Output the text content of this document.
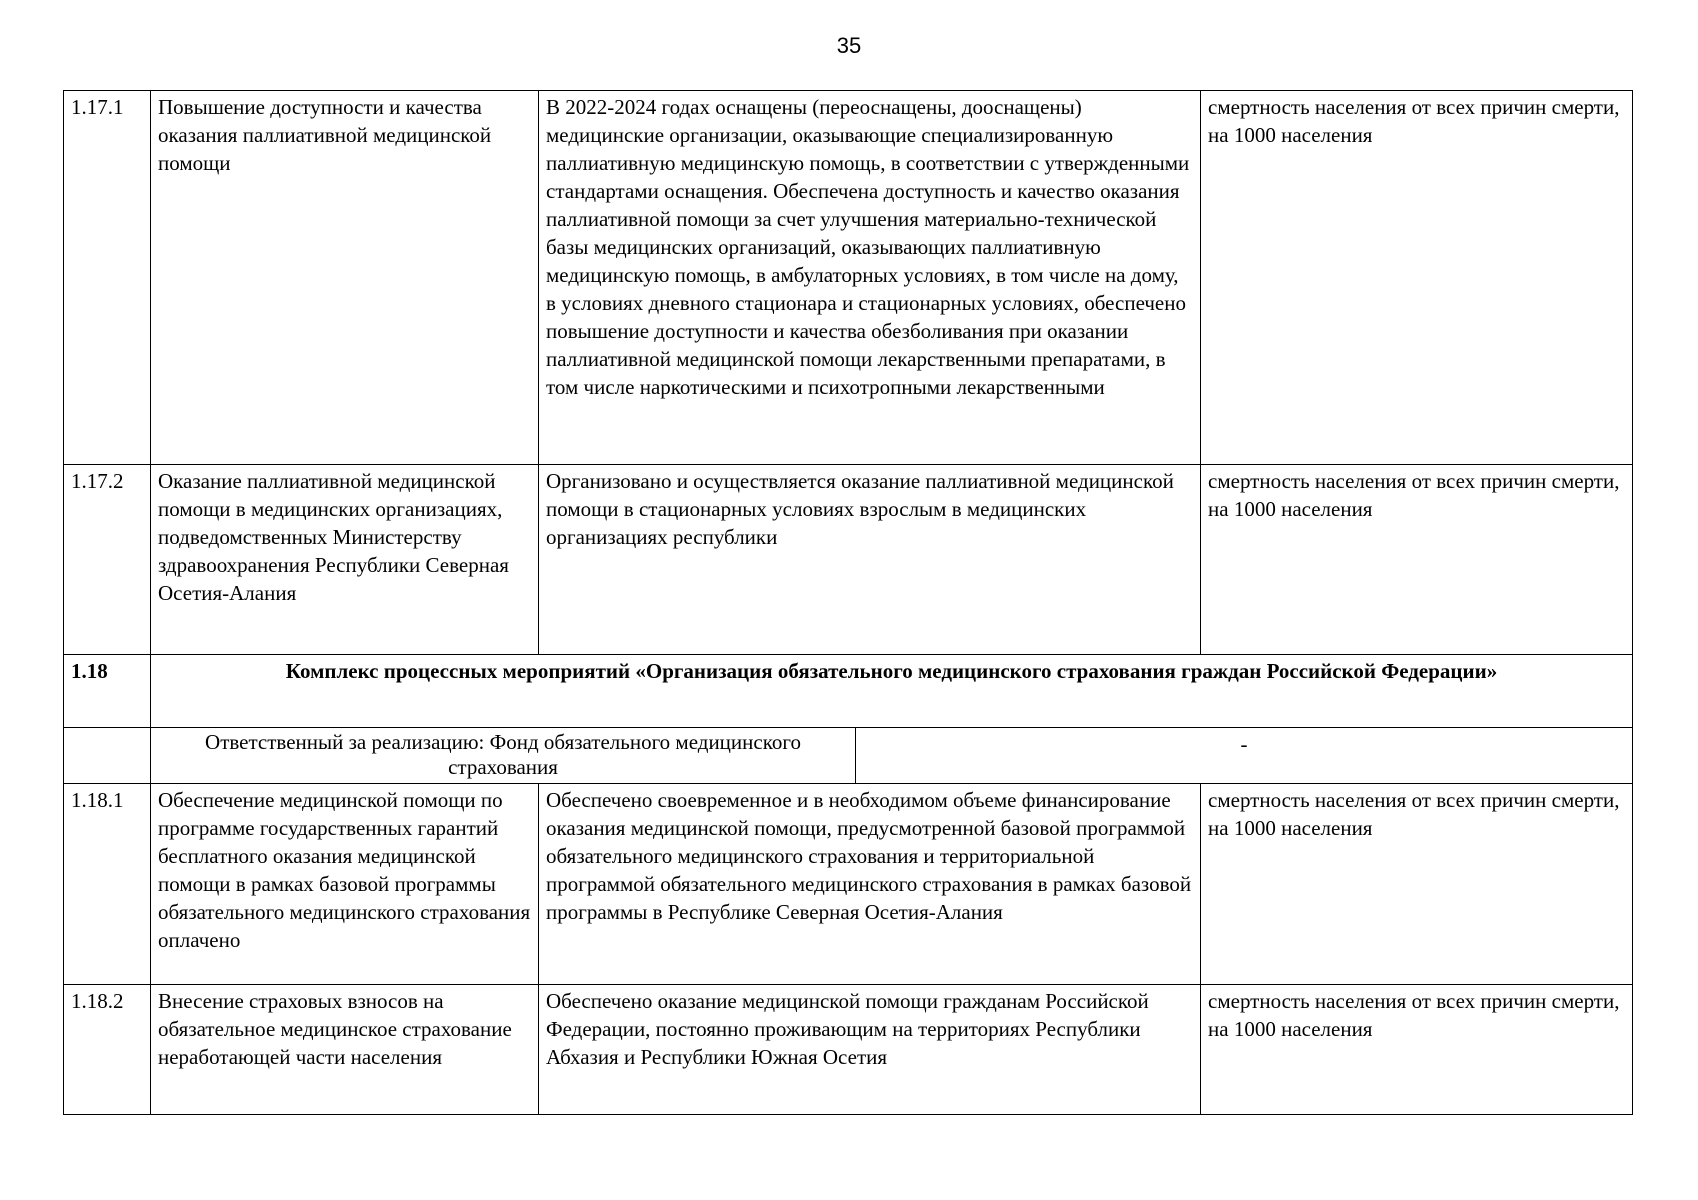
35
1.17.1	Повышение доступности и качества оказания паллиативной медицинской помощи	В 2022-2024 годах оснащены (переоснащены, дооснащены) медицинские организации, оказывающие специализированную паллиативную медицинскую помощь, в соответствии с утвержденными стандартами оснащения. Обеспечена доступность и качество оказания паллиативной помощи за счет улучшения материально-технической базы медицинских организаций, оказывающих паллиативную медицинскую помощь, в амбулаторных условиях, в том числе на дому, в условиях дневного стационара и стационарных условиях, обеспечено повышение доступности и качества обезболивания при оказании паллиативной медицинской помощи лекарственными препаратами, в том числе наркотическими и психотропными лекарственными		смертность населения от всех причин смерти, на 1000 населения
1.17.2	Оказание паллиативной медицинской помощи в медицинских организациях, подведомственных Министерству здравоохранения Республики Северная Осетия-Алания	Организовано и осуществляется оказание паллиативной медицинской помощи в стационарных условиях взрослым в медицинских организациях республики		смертность населения от всех причин смерти, на 1000 населения
1.18	Комплекс процессных мероприятий «Организация обязательного медицинского страхования граждан Российской Федерации»			
	Ответственный за реализацию: Фонд обязательного медицинского страхования		-	
1.18.1	Обеспечение медицинской помощи по программе государственных гарантий бесплатного оказания медицинской помощи в рамках базовой программы обязательного медицинского страхования оплачено	Обеспечено своевременное и в необходимом объеме финансирование оказания медицинской помощи, предусмотренной базовой программой обязательного медицинского страхования и территориальной программой обязательного медицинского страхования в рамках базовой программы в Республике Северная Осетия-Алания		смертность населения от всех причин смерти, на 1000 населения
1.18.2	Внесение страховых взносов на обязательное медицинское страхование неработающей части населения	Обеспечено оказание медицинской помощи гражданам Российской Федерации, постоянно проживающим на территориях Республики Абхазия и Республики Южная Осетия		смертность населения от всех причин смерти, на 1000 населения
